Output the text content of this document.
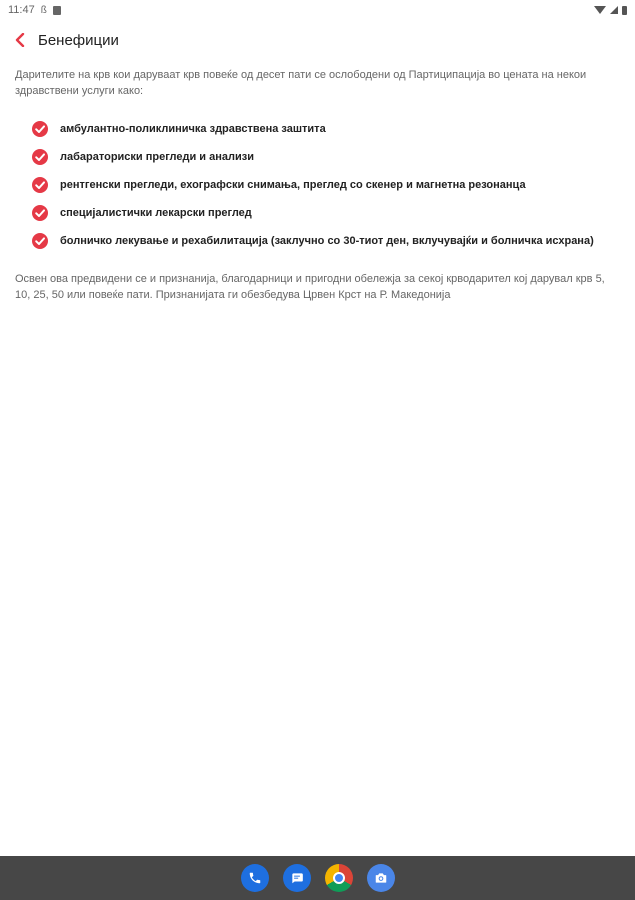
11:47 ß
Бенефиции

Дарителите на крв кои даруваат крв повеќе од десет пати се ослободени од Партиципација во цената на некои здравствени услуги како:

амбулантно-поликлиничка здравствена заштита
лабараториски прегледи и анализи
рентгенски прегледи, ехографски снимања, преглед со скенер и магнетна резонанца
специјалистички лекарски преглед
болничко лекување и рехабилитација (заклучно со 30-тиот ден, вклучувајќи и болничка исхрана)

Освен ова предвидени се и признанија, благодарници и пригодни обележја за секој крводарител кој дарувал крв 5, 10, 25, 50 или повеќе пати. Признанијата ги обезбедува Црвен Крст на Р. Македонија
